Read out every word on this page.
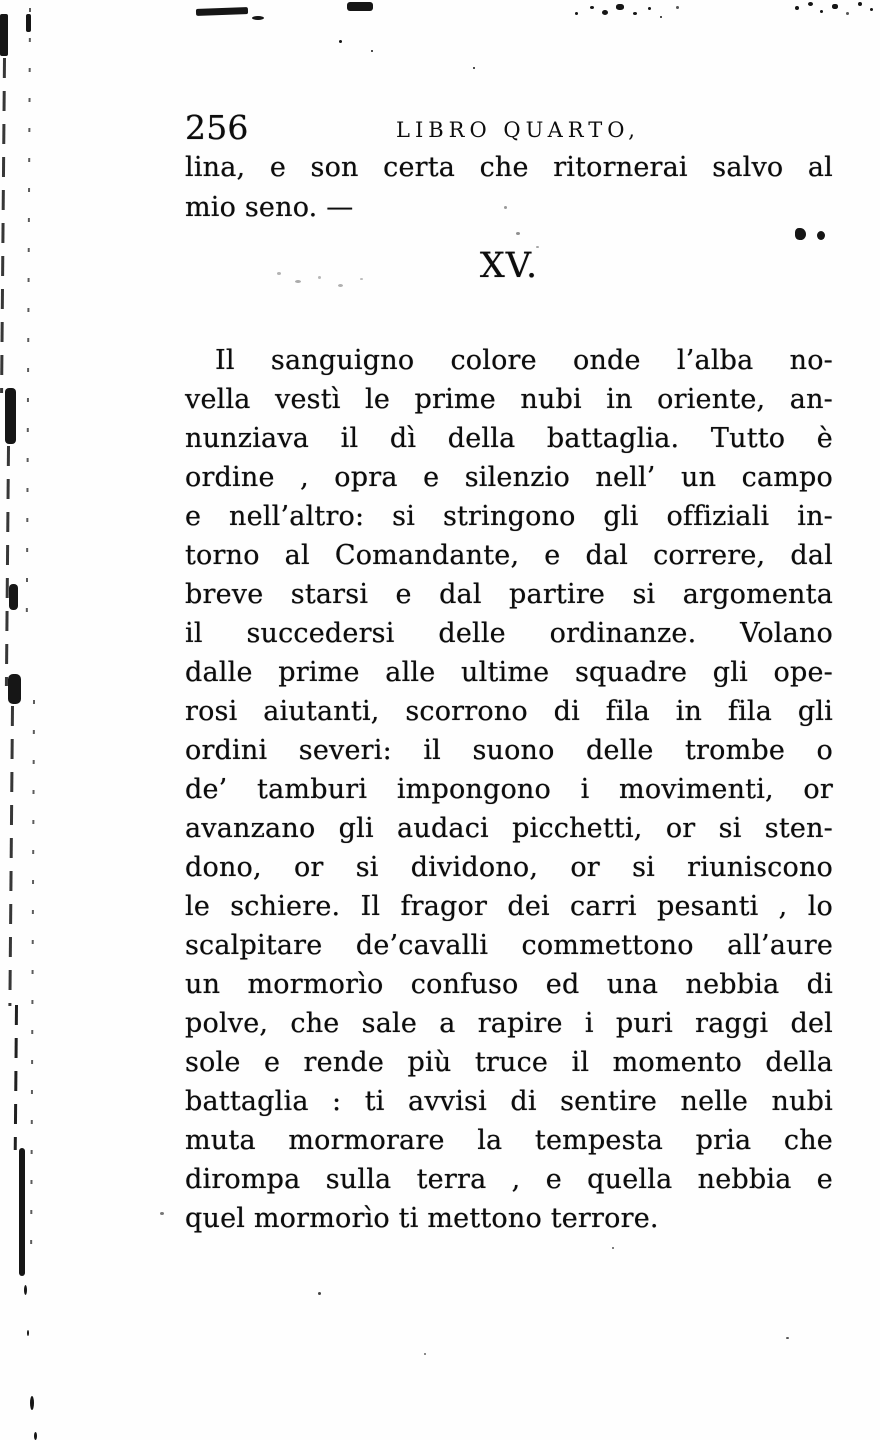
256	LIBRO QUARTO,
lina, e son certa che ritornerai salvo al
mio seno. —
XV.
Il sanguigno colore onde l’alba no-
vella vestì le prime nubi in oriente, an-
nunziava il dì della battaglia. Tutto è
ordine , opra e silenzio nell’ un campo
e nell’altro: si stringono gli offiziali in-
torno al Comandante, e dal correre, dal
breve starsi e dal partire si argomenta
il succedersi delle ordinanze. Volano
dalle prime alle ultime squadre gli ope-
rosi aiutanti, scorrono di fila in fila gli
ordini severi: il suono delle trombe o
de’ tamburi impongono i movimenti, or
avanzano gli audaci picchetti, or si sten-
dono, or si dividono, or si riuniscono
le schiere. Il fragor dei carri pesanti , lo
scalpitare de’cavalli commettono all’aure
un mormorìo confuso ed una nebbia di
polve, che sale a rapire i puri raggi del
sole e rende più truce il momento della
battaglia : ti avvisi di sentire nelle nubi
muta mormorare la tempesta pria che
dirompa sulla terra , e quella nebbia e
quel mormorìo ti mettono terrore.
